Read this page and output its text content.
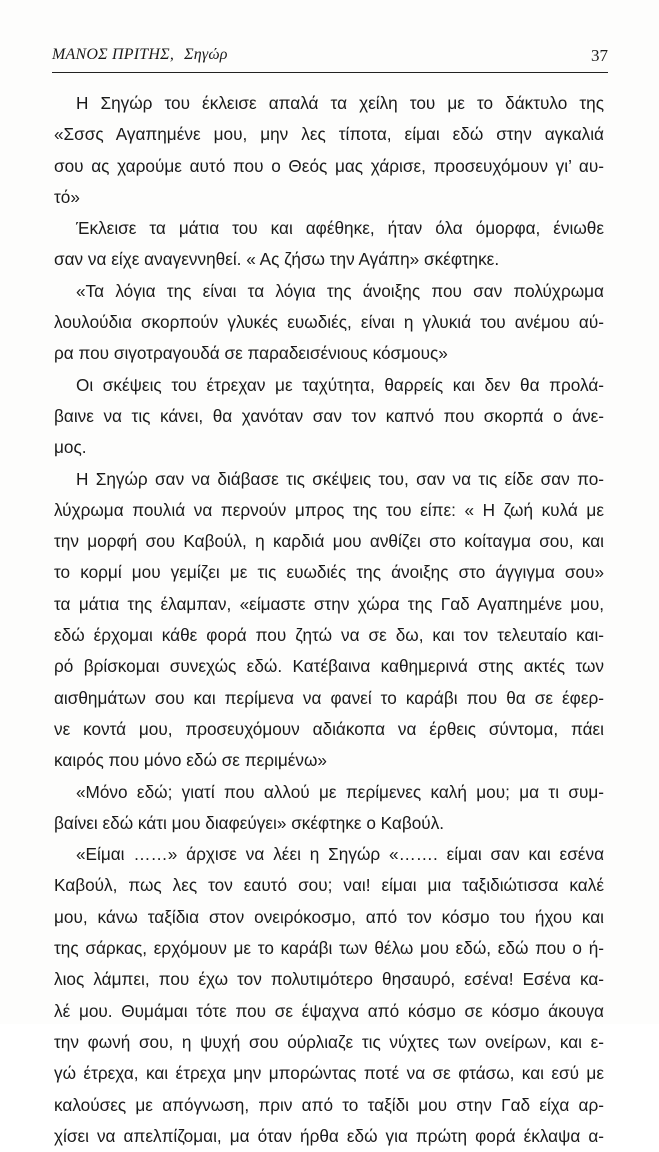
ΜΑΝΟΣ ΠΡΙΤΗΣ, Σηγώρ	37
Η Σηγώρ του έκλεισε απαλά τα χείλη του με το δάκτυλο της
«Σσσς Αγαπημένε μου, μην λες τίποτα, είμαι εδώ στην αγκαλιά
σου ας χαρούμε αυτό που ο Θεός μας χάρισε, προσευχόμουν γι’ αυ-
τό»
Έκλεισε τα μάτια του και αφέθηκε, ήταν όλα όμορφα, ένιωθε
σαν να είχε αναγεννηθεί. « Ας ζήσω την Αγάπη» σκέφτηκε.
«Τα λόγια της είναι τα λόγια της άνοιξης που σαν πολύχρωμα
λουλούδια σκορπούν γλυκές ευωδιές, είναι η γλυκιά του ανέμου αύ-
ρα που σιγοτραγουδά σε παραδεισένιους κόσμους»
Οι σκέψεις του έτρεχαν με ταχύτητα, θαρρείς και δεν θα προλά-
βαινε να τις κάνει, θα χανόταν σαν τον καπνό που σκορπά ο άνε-
μος.
Η Σηγώρ σαν να διάβασε τις σκέψεις του, σαν να τις είδε σαν πο-
λύχρωμα πουλιά να περνούν μπρος της του είπε: « Η ζωή κυλά με
την μορφή σου Καβούλ, η καρδιά μου ανθίζει στο κοίταγμα σου, και
το κορμί μου γεμίζει με τις ευωδιές της άνοιξης στο άγγιγμα σου»
τα μάτια της έλαμπαν, «είμαστε στην χώρα της Γαδ Αγαπημένε μου,
εδώ έρχομαι κάθε φορά που ζητώ να σε δω, και τον τελευταίο και-
ρό βρίσκομαι συνεχώς εδώ. Κατέβαινα καθημερινά στης ακτές των
αισθημάτων σου και περίμενα να φανεί το καράβι που θα σε έφερ-
νε κοντά μου, προσευχόμουν αδιάκοπα να έρθεις σύντομα, πάει
καιρός που μόνο εδώ σε περιμένω»
«Μόνο εδώ; γιατί που αλλού με περίμενες καλή μου; μα τι συμ-
βαίνει εδώ κάτι μου διαφεύγει» σκέφτηκε ο Καβούλ.
«Είμαι ……» άρχισε να λέει η Σηγώρ «……. είμαι σαν και εσένα
Καβούλ, πως λες τον εαυτό σου; ναι! είμαι μια ταξιδιώτισσα καλέ
μου, κάνω ταξίδια στον ονειρόκοσμο, από τον κόσμο του ήχου και
της σάρκας, ερχόμουν με το καράβι των θέλω μου εδώ, εδώ που ο ή-
λιος λάμπει, που έχω τον πολυτιμότερο θησαυρό, εσένα! Εσένα κα-
λέ μου. Θυμάμαι τότε που σε έψαχνα από κόσμο σε κόσμο άκουγα
την φωνή σου, η ψυχή σου ούρλιαζε τις νύχτες των ονείρων, και ε-
γώ έτρεχα, και έτρεχα μην μπορώντας ποτέ να σε φτάσω, και εσύ με
καλούσες με απόγνωση, πριν από το ταξίδι μου στην Γαδ είχα αρ-
χίσει να απελπίζομαι, μα όταν ήρθα εδώ για πρώτη φορά έκλαψα α-
